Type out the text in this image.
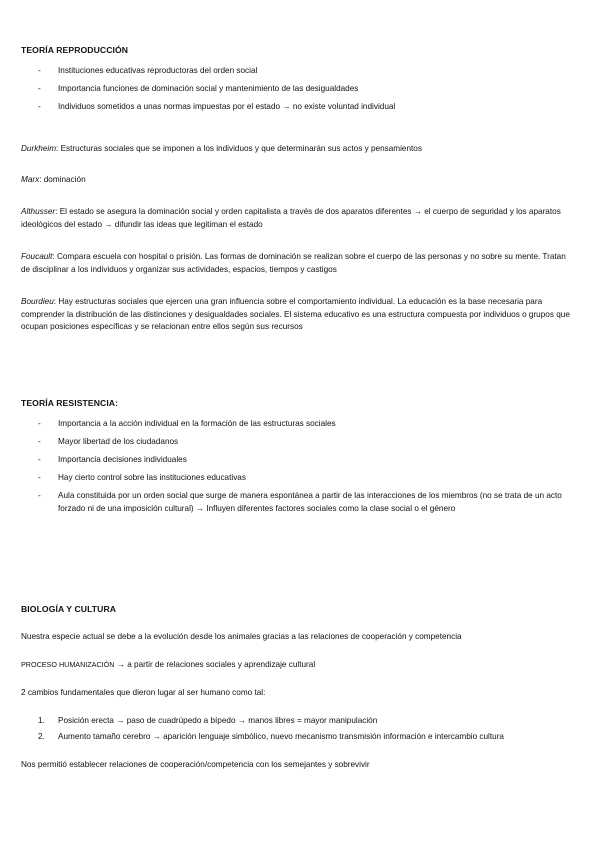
TEORÍA REPRODUCCIÓN
- Instituciones educativas reproductoras del orden social
- Importancia funciones de dominación social y mantenimiento de las desigualdades
- Individuos sometidos a unas normas impuestas por el estado → no existe voluntad individual

Durkheim: Estructuras sociales que se imponen a los individuos y que determinarán sus actos y pensamientos

Marx: dominación

Althusser: El estado se asegura la dominación social y orden capitalista a través de dos aparatos diferentes → el cuerpo de seguridad y los aparatos ideológicos del estado → difundir las ideas que legitiman el estado

Foucault: Compara escuela con hospital o prisión. Las formas de dominación se realizan sobre el cuerpo de las personas y no sobre su mente. Tratan de disciplinar a los individuos y organizar sus actividades, espacios, tiempos y castigos

Bourdieu: Hay estructuras sociales que ejercen una gran influencia sobre el comportamiento individual. La educación es la base necesaria para comprender la distribución de las distinciones y desigualdades sociales. El sistema educativo es una estructura compuesta por individuos o grupos que ocupan posiciones específicas y se relacionan entre ellos según sus recursos

TEORÍA RESISTENCIA:
- Importancia a la acción individual en la formación de las estructuras sociales
- Mayor libertad de los ciudadanos
- Importancia decisiones individuales
- Hay cierto control sobre las instituciones educativas
- Aula constituida por un orden social que surge de manera espontánea a partir de las interacciones de los miembros (no se trata de un acto forzado ni de una imposición cultural) → Influyen diferentes factores sociales como la clase social o el género
BIOLOGÍA Y CULTURA

Nuestra especie actual se debe a la evolución desde los animales gracias a las relaciones de cooperación y competencia

PROCESO HUMANIZACIÓN → a partir de relaciones sociales y aprendizaje cultural

2 cambios fundamentales que dieron lugar al ser humano como tal:

1. Posición erecta → paso de cuadrúpedo a bípedo → manos libres = mayor manipulación
2. Aumento tamaño cerebro → aparición lenguaje simbólico, nuevo mecanismo transmisión información e intercambio cultura

Nos permitió establecer relaciones de cooperación/competencia con los semejantes y sobrevivir
